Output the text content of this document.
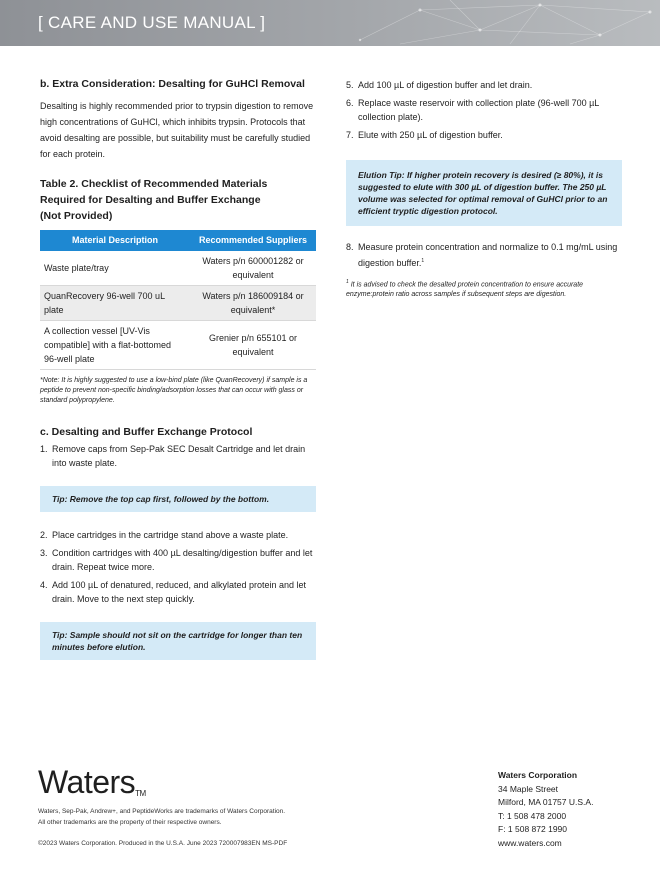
[ CARE AND USE MANUAL ]
b. Extra Consideration: Desalting for GuHCl Removal

Desalting is highly recommended prior to trypsin digestion to remove high concentrations of GuHCl, which inhibits trypsin. Protocols that avoid desalting are possible, but suitability must be carefully studied for each protein.

Table 2. Checklist of Recommended Materials
Required for Desalting and Buffer Exchange
(Not Provided)
Material Description	Recommended Suppliers
Waste plate/tray	Waters p/n 600001282 or equivalent
QuanRecovery 96-well 700 uL plate	Waters p/n 186009184 or equivalent*
A collection vessel [UV-Vis compatible] with a flat-bottomed 96-well plate	Grenier p/n 655101 or equivalent
*Note: It is highly suggested to use a low-bind plate (like QuanRecovery) if sample is a peptide to prevent non-specific binding/adsorption losses that can occur with glass or standard polypropylene.
c. Desalting and Buffer Exchange Protocol
1. Remove caps from Sep-Pak SEC Desalt Cartridge and let drain into waste plate.
Tip: Remove the top cap first, followed by the bottom.
2. Place cartridges in the cartridge stand above a waste plate.
3. Condition cartridges with 400 µL desalting/digestion buffer and let drain. Repeat twice more.
4. Add 100 µL of denatured, reduced, and alkylated protein and let drain. Move to the next step quickly.
Tip: Sample should not sit on the cartridge for longer than ten minutes before elution.
5. Add 100 µL of digestion buffer and let drain.
6. Replace waste reservoir with collection plate (96-well 700 µL collection plate).
7. Elute with 250 µL of digestion buffer.
Elution Tip: If higher protein recovery is desired (≥ 80%), it is suggested to elute with 300 µL of digestion buffer. The 250 µL volume was selected for optimal removal of GuHCl prior to an efficient tryptic digestion protocol.
8. Measure protein concentration and normalize to 0.1 mg/mL using digestion buffer.$^1$
$^1$ It is advised to check the desalted protein concentration to ensure accurate enzyme:protein ratio across samples if subsequent steps are digestion.
Waters™
Waters, Sep-Pak, Andrew+, and PeptideWorks are trademarks of Waters Corporation.
All other trademarks are the property of their respective owners.
©2023 Waters Corporation. Produced in the U.S.A. June 2023 720007983EN MS-PDF
Waters Corporation
34 Maple Street
Milford, MA 01757 U.S.A.
T: 1 508 478 2000
F: 1 508 872 1990
www.waters.com
